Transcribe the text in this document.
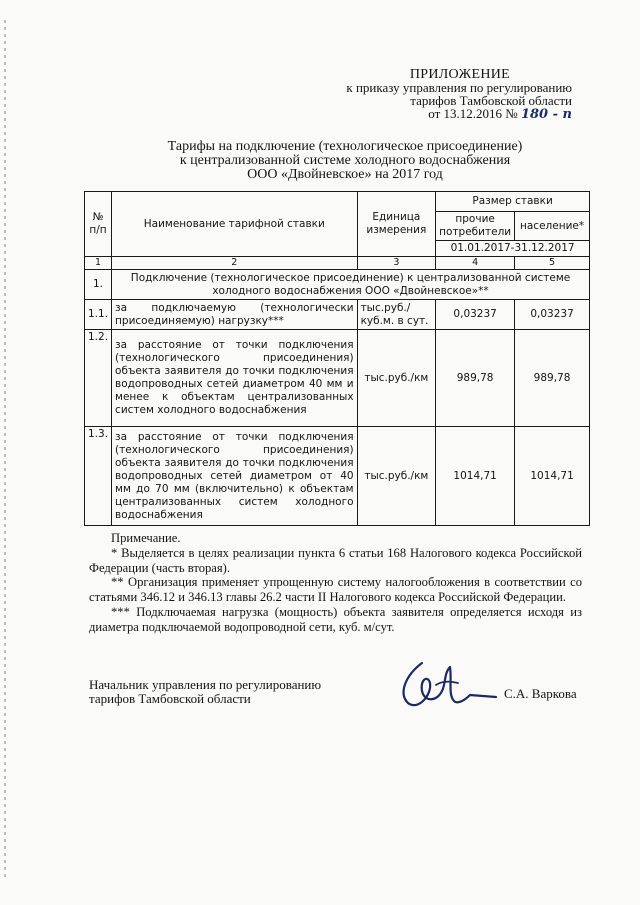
ПРИЛОЖЕНИЕ
к приказу управления по регулированию
тарифов Тамбовской области
от 13.12.2016 № 180 - п
Тарифы на подключение (технологическое присоединение)
к централизованной системе холодного водоснабжения
ООО «Двойневское» на 2017 год
№ п/п	Наименование тарифной ставки	Единица измерения	Размер ставки	
			прочие потребители	население*
			01.01.2017-31.12.2017	
1	2	3	4	5
1.	Подключение (технологическое присоединение) к централизованной системе холодного водоснабжения ООО «Двойневское»**			
1.1.	за подключаемую (технологически присоединяемую) нагрузку***	тыс.руб./ куб.м. в сут.	0,03237	0,03237
1.2.	за расстояние от точки подключения (технологического присоединения) объекта заявителя до точки подключения водопроводных сетей диаметром 40 мм и менее к объектам централизованных систем холодного водоснабжения	тыс.руб./км	989,78	989,78
1.3.	за расстояние от точки подключения (технологического присоединения) объекта заявителя до точки подключения водопроводных сетей диаметром от 40 мм до 70 мм (включительно) к объектам централизованных систем холодного водоснабжения	тыс.руб./км	1014,71	1014,71

Примечание.

* Выделяется в целях реализации пункта 6 статьи 168 Налогового кодекса Российской Федерации (часть вторая).

** Организация применяет упрощенную систему налогообложения в соответствии со статьями 346.12 и 346.13 главы 26.2 части II Налогового кодекса Российской Федерации.

*** Подключаемая нагрузка (мощность) объекта заявителя определяется исходя из диаметра подключаемой водопроводной сети, куб. м/сут.

Начальник управления по регулированию
тарифов Тамбовской области	С.А. Варкова
